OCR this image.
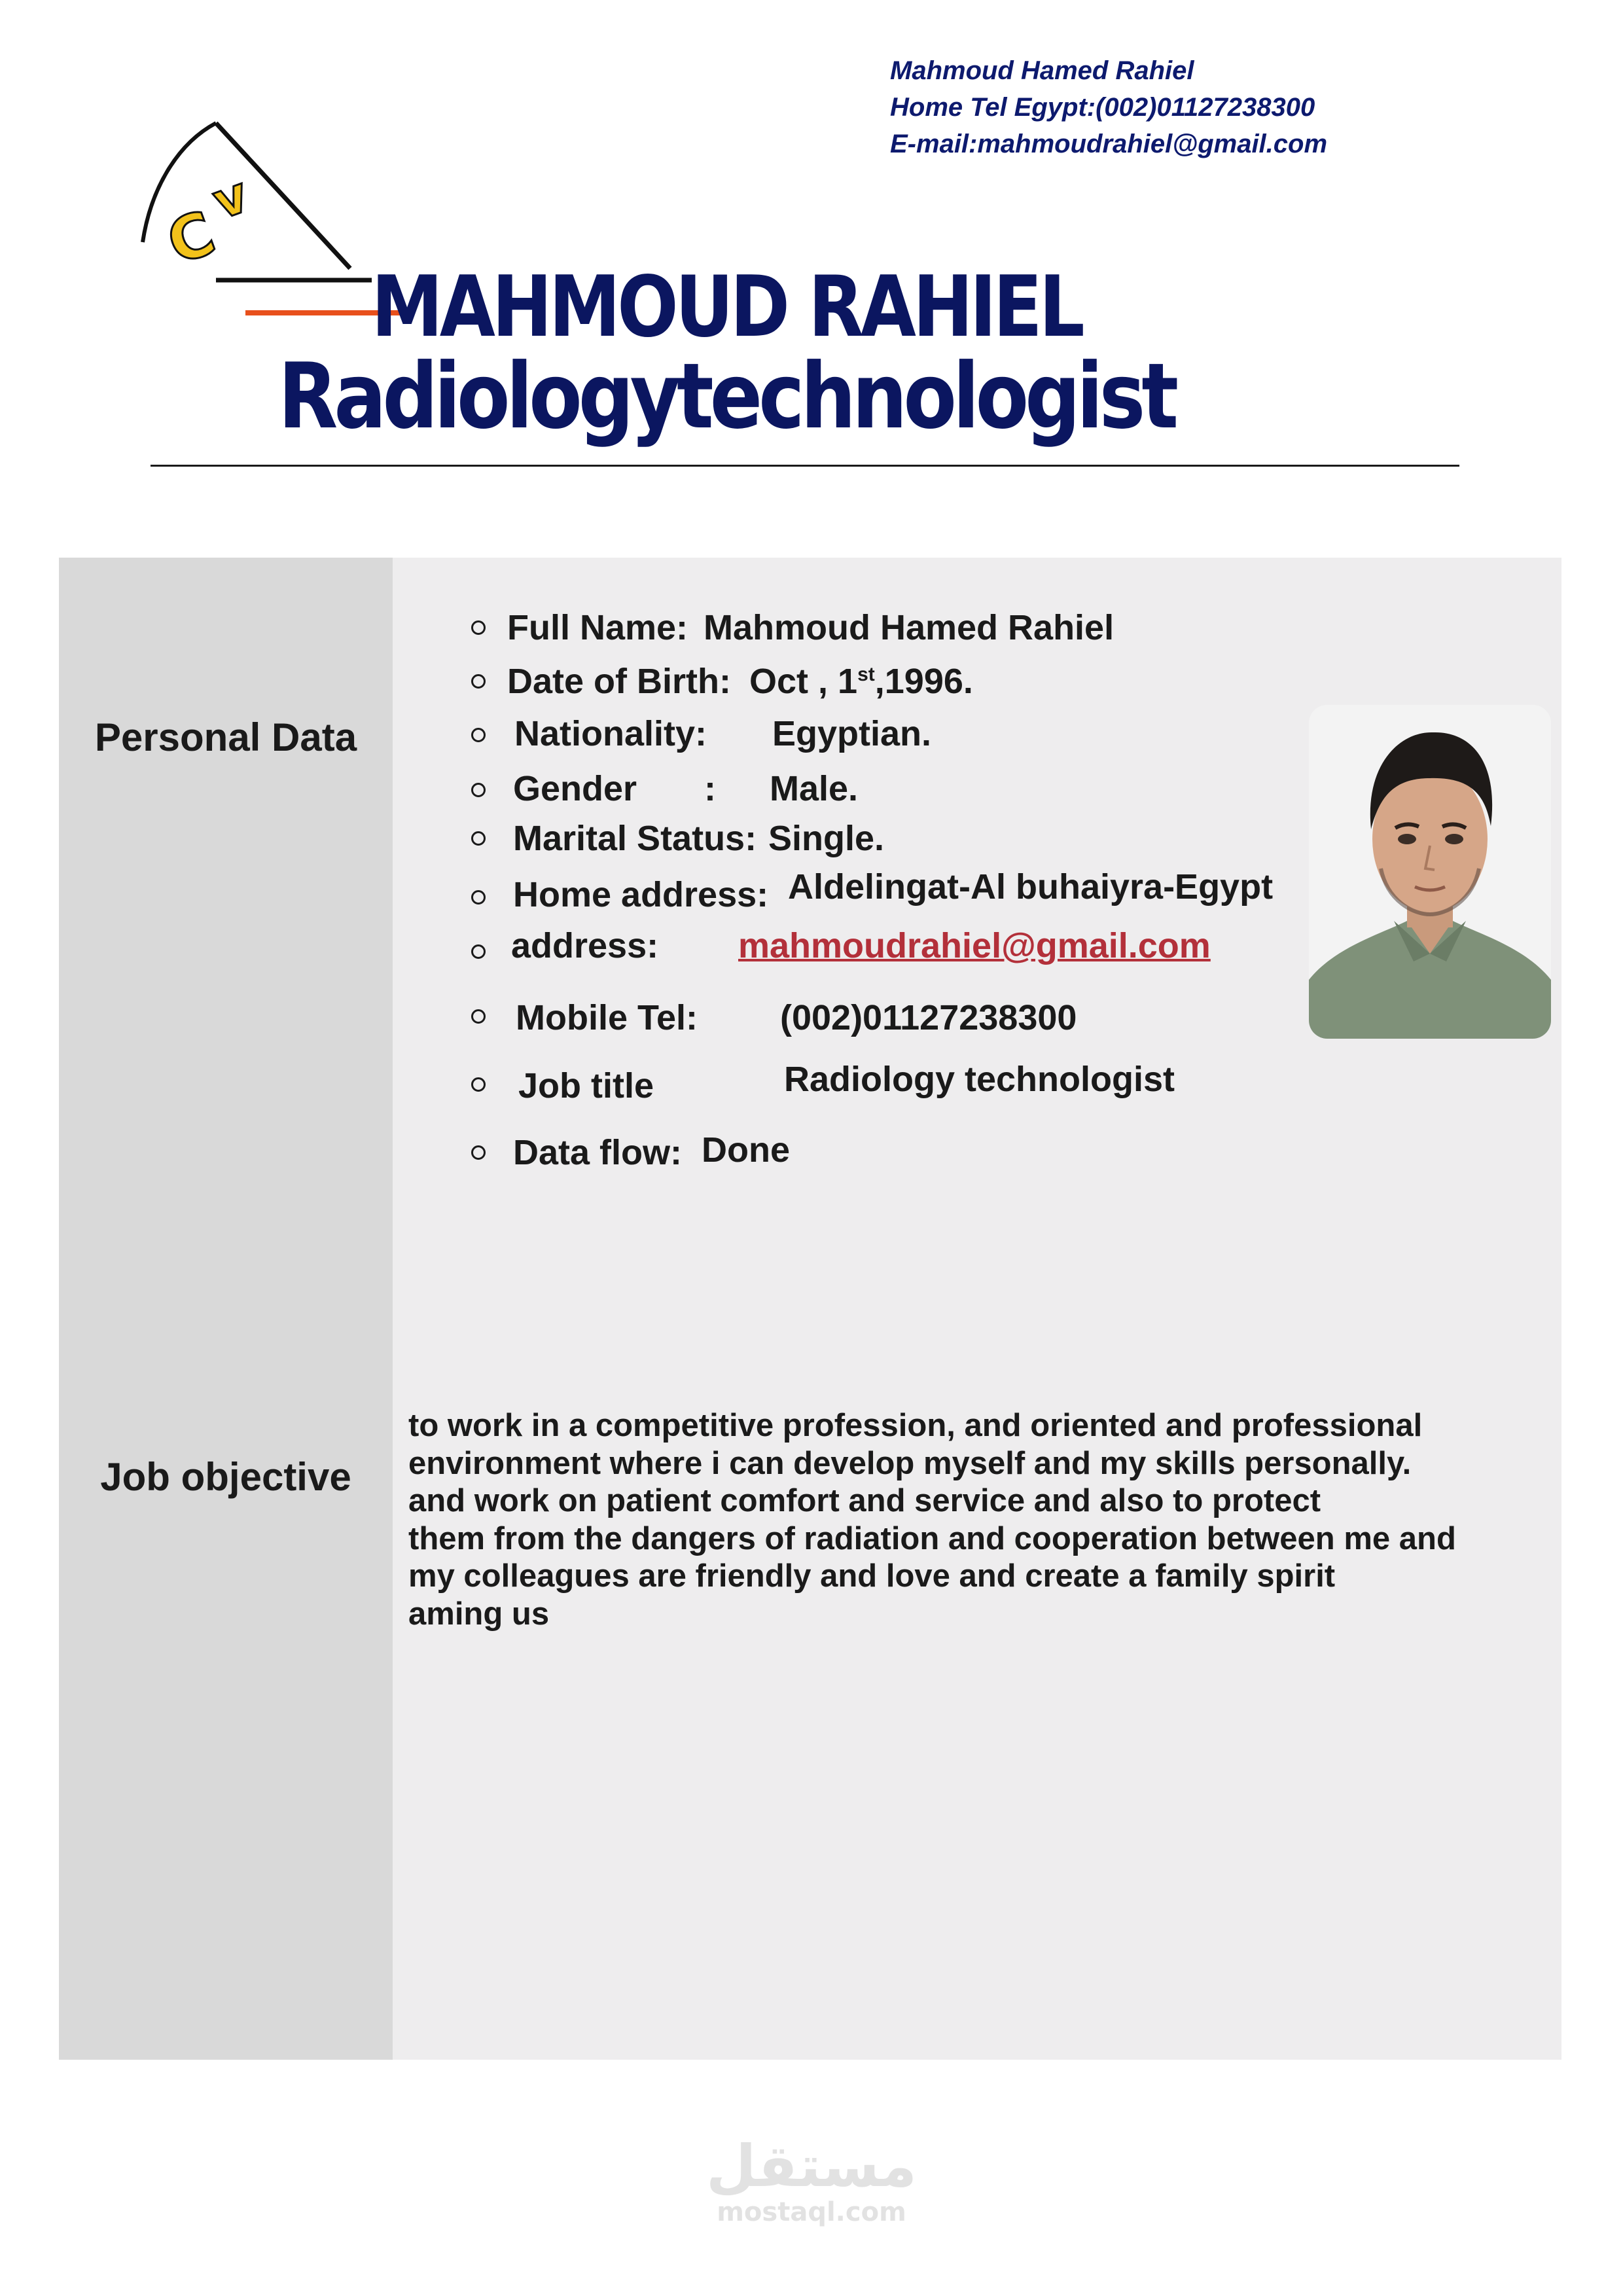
Mahmoud Hamed Rahiel
Home Tel Egypt:(002)01127238300
E-mail:mahmoudrahiel@gmail.com
C
v
MAHMOUD RAHIEL
Radiologytechnologist
Personal Data
Job objective
Full Name: Mahmoud Hamed Rahiel
Date of Birth: Oct , 1st,1996.
Nationality: Egyptian.
Gender : Male.
Marital Status: Single.
Home address: Aldelingat-Al buhaiyra-Egypt
address: mahmoudrahiel@gmail.com
Mobile Tel: (002)01127238300
Job title	Radiology technologist
Data flow: Done
to work in a competitive profession, and oriented and professional
environment where i can develop myself and my skills personally.
and work on patient comfort and service and also to protect
them from the dangers of radiation and cooperation between me and
my colleagues are friendly and love and create a family spirit
aming us
مستقل
mostaql.com
